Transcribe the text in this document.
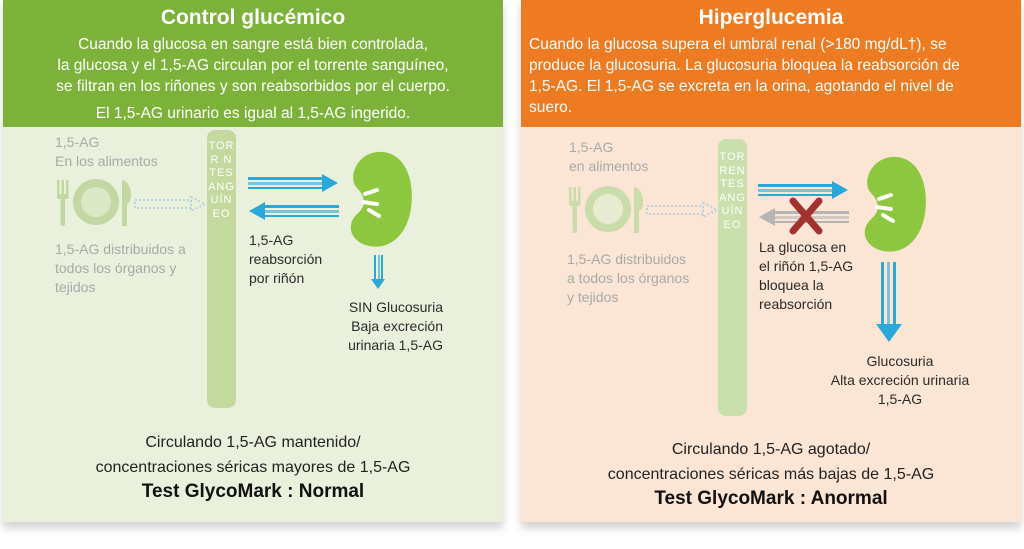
Control glucémico
Cuando la glucosa en sangre está bien controlada,
la glucosa y el 1,5-AG circulan por el torrente sanguíneo,
se filtran en los riñones y son reabsorbidos por el cuerpo.
El 1,5-AG urinario es igual al 1,5-AG ingerido.
1,5-AG
En los alimentos
1,5-AG distribuidos a
todos los órganos y
tejidos
TORR NTESANGUÍNEO
1,5-AG
reabsorción
por riñón
SIN Glucosuria
Baja excreción
urinaria 1,5-AG
Circulando 1,5-AG mantenido/
concentraciones séricas mayores de 1,5-AG
Test GlycoMark : Normal
Hiperglucemia
Cuando la glucosa supera el umbral renal (>180 mg/dL†), se
produce la glucosuria. La glucosuria bloquea la reabsorción de
1,5-AG. El 1,5-AG se excreta en la orina, agotando el nivel de
suero.
1,5-AG
en alimentos
1,5-AG distribuidos
a todos los órganos
y tejidos
TORRENTESANGUÍNEO
La glucosa en
el riñón 1,5-AG
bloquea la
reabsorción
Glucosuria
Alta excreción urinaria
1,5-AG
Circulando 1,5-AG agotado/
concentraciones séricas más bajas de 1,5-AG
Test GlycoMark : Anormal
